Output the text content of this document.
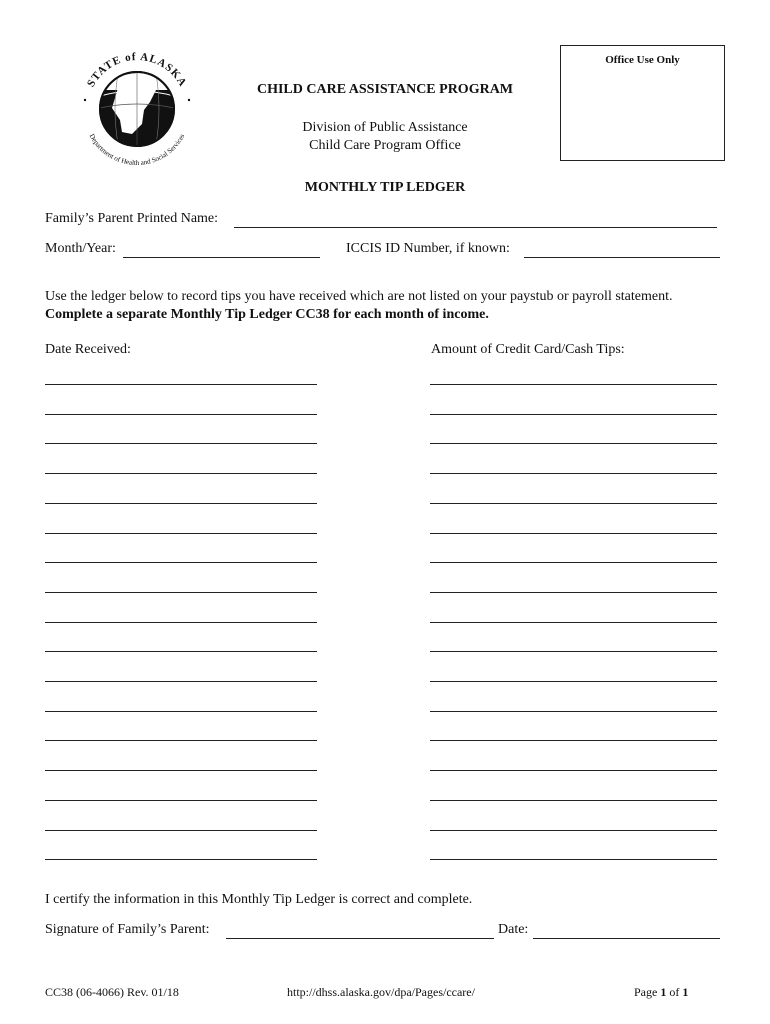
STATE of ALASKA
Department of Health and Social Services
Office Use Only
CHILD CARE ASSISTANCE PROGRAM
Division of Public Assistance
Child Care Program Office
MONTHLY TIP LEDGER
Family’s Parent Printed Name:
Month/Year:	ICCIS ID Number, if known:
Use the ledger below to record tips you have received which are not listed on your paystub or payroll statement.
Complete a separate Monthly Tip Ledger CC38 for each month of income.
Date Received:	Amount of Credit Card/Cash Tips:
I certify the information in this Monthly Tip Ledger is correct and complete.
Signature of Family’s Parent:	Date:
CC38 (06-4066) Rev. 01/18	http://dhss.alaska.gov/dpa/Pages/ccare/	Page 1 of 1
